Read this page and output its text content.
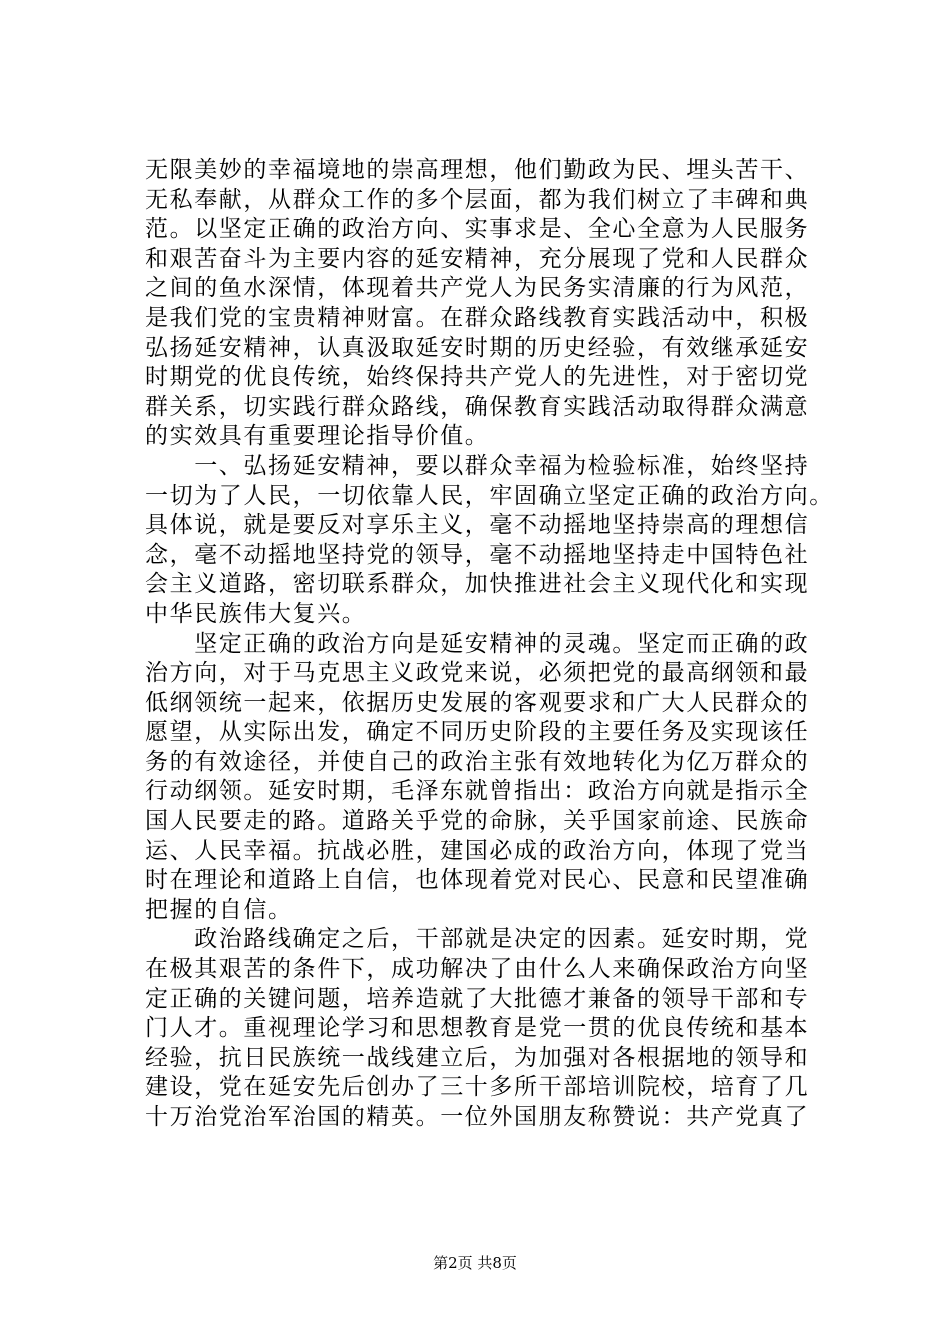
无限美妙的幸福境地的崇高理想，他们勤政为民、埋头苦干、
无私奉献，从群众工作的多个层面，都为我们树立了丰碑和典
范。以坚定正确的政治方向、实事求是、全心全意为人民服务
和艰苦奋斗为主要内容的延安精神，充分展现了党和人民群众
之间的鱼水深情，体现着共产党人为民务实清廉的行为风范，
是我们党的宝贵精神财富。在群众路线教育实践活动中，积极
弘扬延安精神，认真汲取延安时期的历史经验，有效继承延安
时期党的优良传统，始终保持共产党人的先进性，对于密切党
群关系，切实践行群众路线，确保教育实践活动取得群众满意
的实效具有重要理论指导价值。
　　一、弘扬延安精神，要以群众幸福为检验标准，始终坚持
一切为了人民，一切依靠人民，牢固确立坚定正确的政治方向。
具体说，就是要反对享乐主义，毫不动摇地坚持崇高的理想信
念，毫不动摇地坚持党的领导，毫不动摇地坚持走中国特色社
会主义道路，密切联系群众，加快推进社会主义现代化和实现
中华民族伟大复兴。
　　坚定正确的政治方向是延安精神的灵魂。坚定而正确的政
治方向，对于马克思主义政党来说，必须把党的最高纲领和最
低纲领统一起来，依据历史发展的客观要求和广大人民群众的
愿望，从实际出发，确定不同历史阶段的主要任务及实现该任
务的有效途径，并使自己的政治主张有效地转化为亿万群众的
行动纲领。延安时期，毛泽东就曾指出：政治方向就是指示全
国人民要走的路。道路关乎党的命脉，关乎国家前途、民族命
运、人民幸福。抗战必胜，建国必成的政治方向，体现了党当
时在理论和道路上自信，也体现着党对民心、民意和民望准确
把握的自信。
　　政治路线确定之后，干部就是决定的因素。延安时期，党
在极其艰苦的条件下，成功解决了由什么人来确保政治方向坚
定正确的关键问题，培养造就了大批德才兼备的领导干部和专
门人才。重视理论学习和思想教育是党一贯的优良传统和基本
经验，抗日民族统一战线建立后，为加强对各根据地的领导和
建设，党在延安先后创办了三十多所干部培训院校，培育了几
十万治党治军治国的精英。一位外国朋友称赞说：共产党真了
第2页 共8页
